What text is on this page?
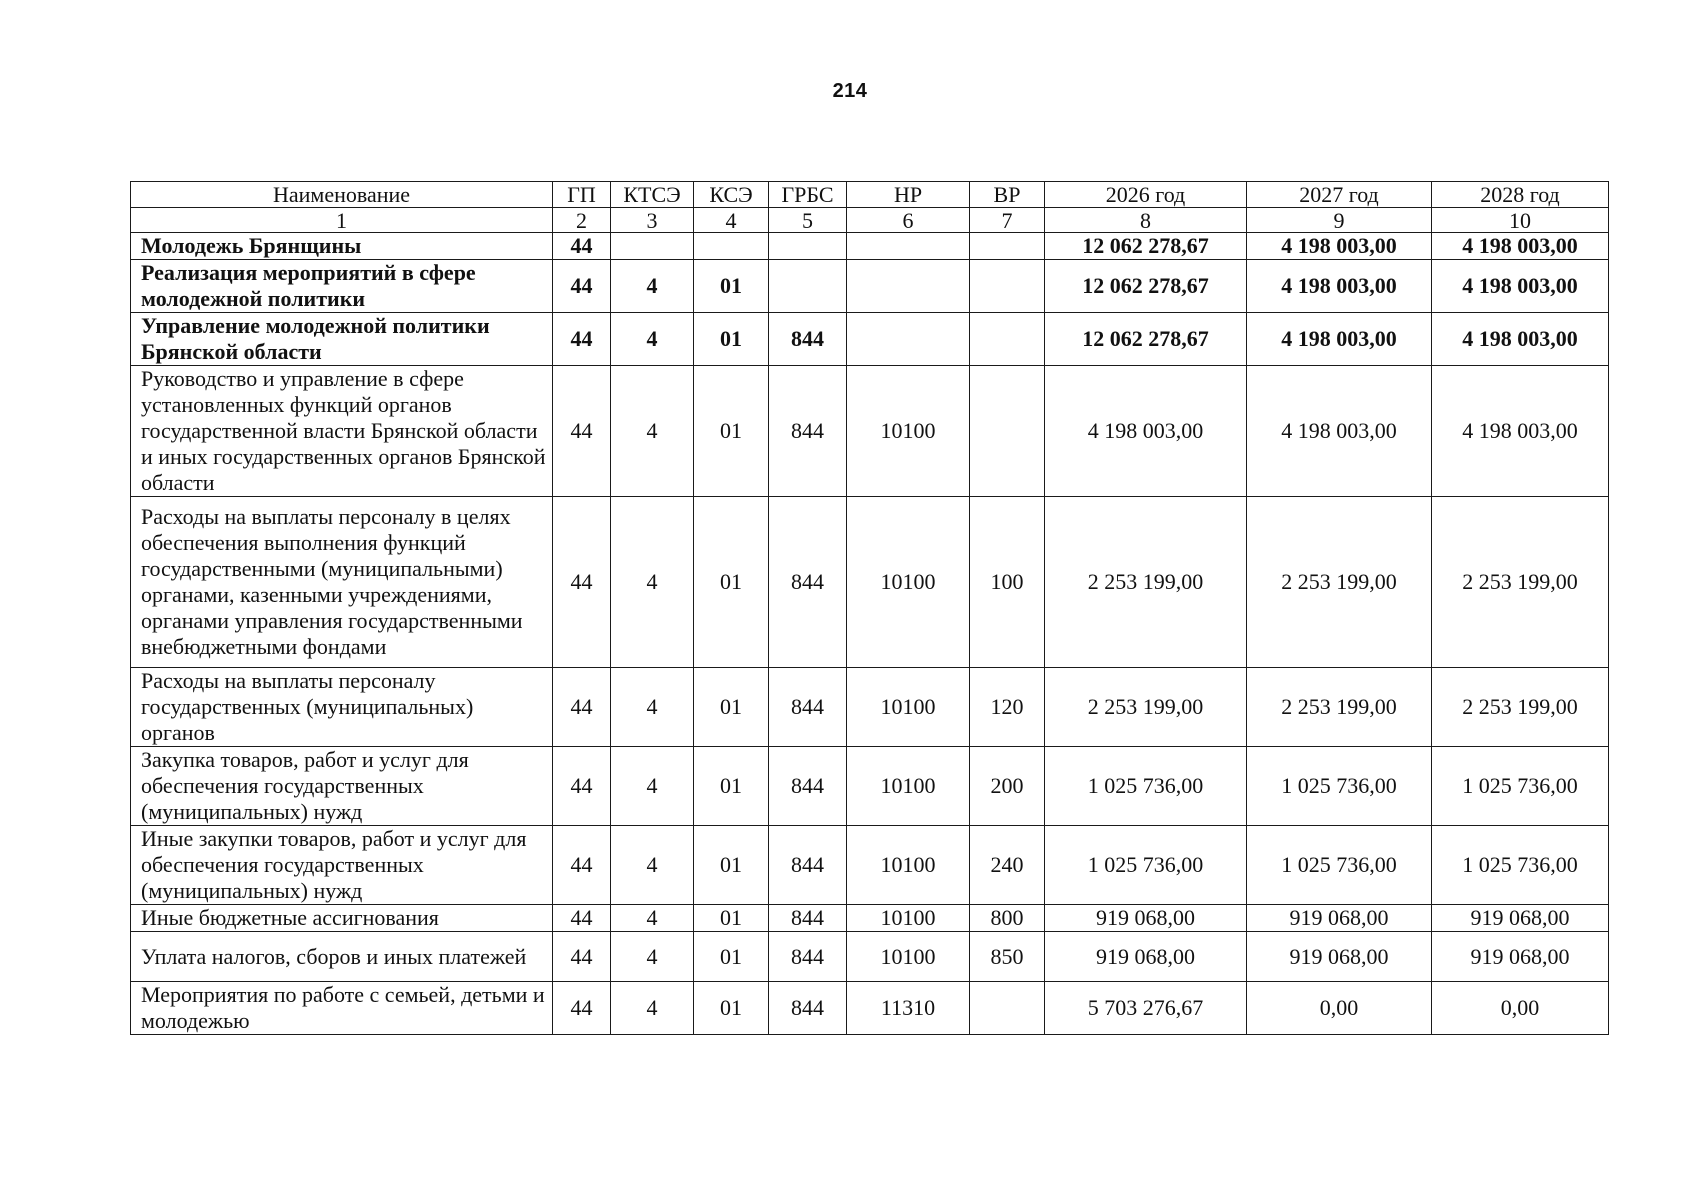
214
Наименование	ГП	КТСЭ	КСЭ	ГРБС	НР	ВР	2026 год	2027 год	2028 год
1	2	3	4	5	6	7	8	9	10
Молодежь Брянщины	44						12 062 278,67	4 198 003,00	4 198 003,00
Реализация мероприятий в сфере молодежной политики	44	4	01				12 062 278,67	4 198 003,00	4 198 003,00
Управление молодежной политики Брянской области	44	4	01	844			12 062 278,67	4 198 003,00	4 198 003,00
Руководство и управление в сфере установленных функций органов государственной власти Брянской области и иных государственных органов Брянской области	44	4	01	844	10100		4 198 003,00	4 198 003,00	4 198 003,00
Расходы на выплаты персоналу в целях обеспечения выполнения функций государственными (муниципальными) органами, казенными учреждениями, органами управления государственными внебюджетными фондами	44	4	01	844	10100	100	2 253 199,00	2 253 199,00	2 253 199,00
Расходы на выплаты персоналу государственных (муниципальных) органов	44	4	01	844	10100	120	2 253 199,00	2 253 199,00	2 253 199,00
Закупка товаров, работ и услуг для обеспечения государственных (муниципальных) нужд	44	4	01	844	10100	200	1 025 736,00	1 025 736,00	1 025 736,00
Иные закупки товаров, работ и услуг для обеспечения государственных (муниципальных) нужд	44	4	01	844	10100	240	1 025 736,00	1 025 736,00	1 025 736,00
Иные бюджетные ассигнования	44	4	01	844	10100	800	919 068,00	919 068,00	919 068,00
Уплата налогов, сборов и иных платежей	44	4	01	844	10100	850	919 068,00	919 068,00	919 068,00
Мероприятия по работе с семьей, детьми и молодежью	44	4	01	844	11310		5 703 276,67	0,00	0,00
